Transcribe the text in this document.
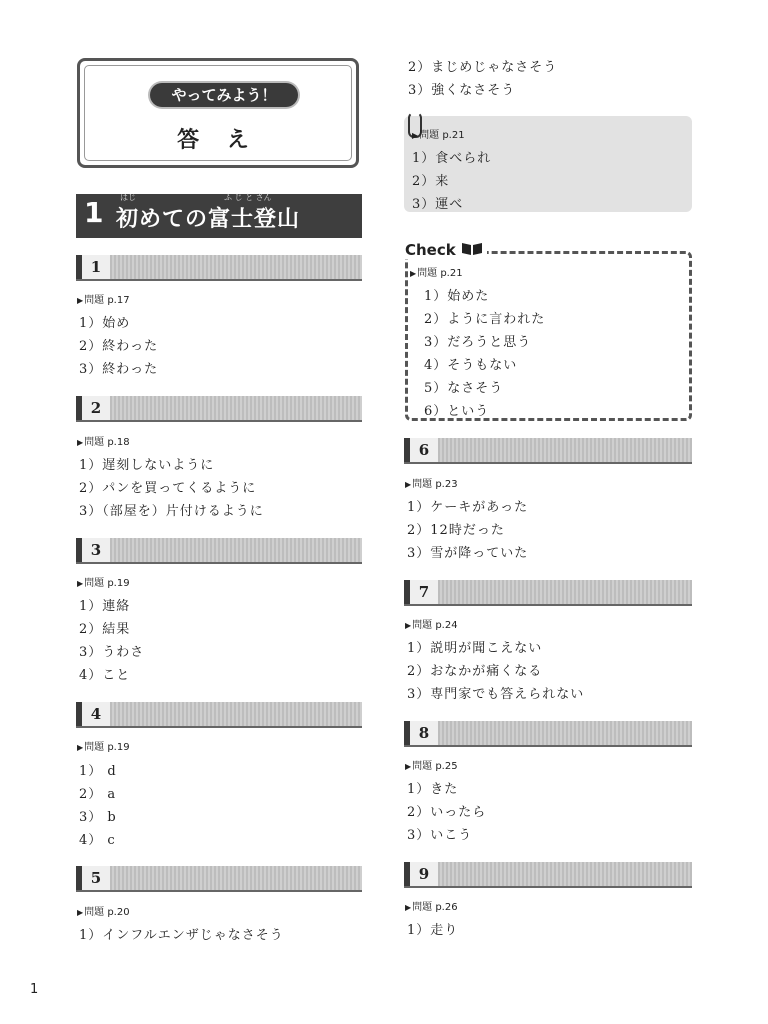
やってみよう！
答 え
はじ	ふ じ と さん
1 初めての富士登山
1
▶ 問題 p.17
1）始め
2）終わった
3）終わった
2
▶ 問題 p.18
1）遅刻しないように
2）パンを買ってくるように
3）（部屋を）片付けるように
3
▶ 問題 p.19
1）連絡
2）結果
3）うわさ
4）こと
4
▶ 問題 p.19
1） d
2） a
3） b
4） c
5
▶ 問題 p.20
1）インフルエンザじゃなさそう
2）まじめじゃなさそう
3）強くなさそう
▶ 問題 p.21
1）食べられ
2）来
3）運べ
Check
▶ 問題 p.21
1）始めた
2）ように言われた
3）だろうと思う
4）そうもない
5）なさそう
6）という
6
▶ 問題 p.23
1）ケーキがあった
2）12時だった
3）雪が降っていた
7
▶ 問題 p.24
1）説明が聞こえない
2）おなかが痛くなる
3）専門家でも答えられない
8
▶ 問題 p.25
1）きた
2）いったら
3）いこう
9
▶ 問題 p.26
1）走り
1
